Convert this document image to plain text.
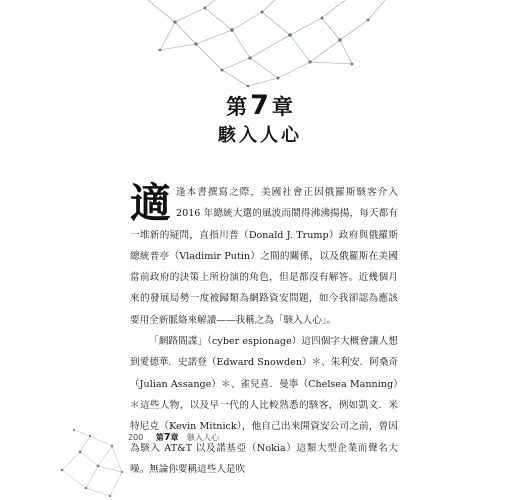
第7章
駭入人心
適逢本書撰寫之際，美國社會正因俄羅斯駭客介入 2016 年總統大選的風波而鬧得沸沸揚揚，每天都有一堆新的疑問，直指川普（Donald J. Trump）政府與俄羅斯總統普亭（Vladimir Putin）之間的關係，以及俄羅斯在美國當前政府的決策上所扮演的角色，但是都沒有解答。近幾個月來的發展局勢一度被歸類為網路資安問題，如今我卻認為應該要用全新脈絡來解讀——我稱之為「駭入人心」。
「網路間諜」（cyber espionage）這四個字大概會讓人想到愛德華．史諾登（Edward Snowden）＊、朱利安．阿桑奇（Julian Assange）＊、雀兒喜．曼寧（Chelsea Manning）＊這些人物，以及早一代的人比較熟悉的駭客，例如凱文．米特尼克（Kevin Mitnick），他自己出來開資安公司之前，曾因為駭入 AT&T 以及諾基亞（Nokia）這類大型企業而聲名大噪。無論你要稱這些人是吹
200 第7章 駭入人心
